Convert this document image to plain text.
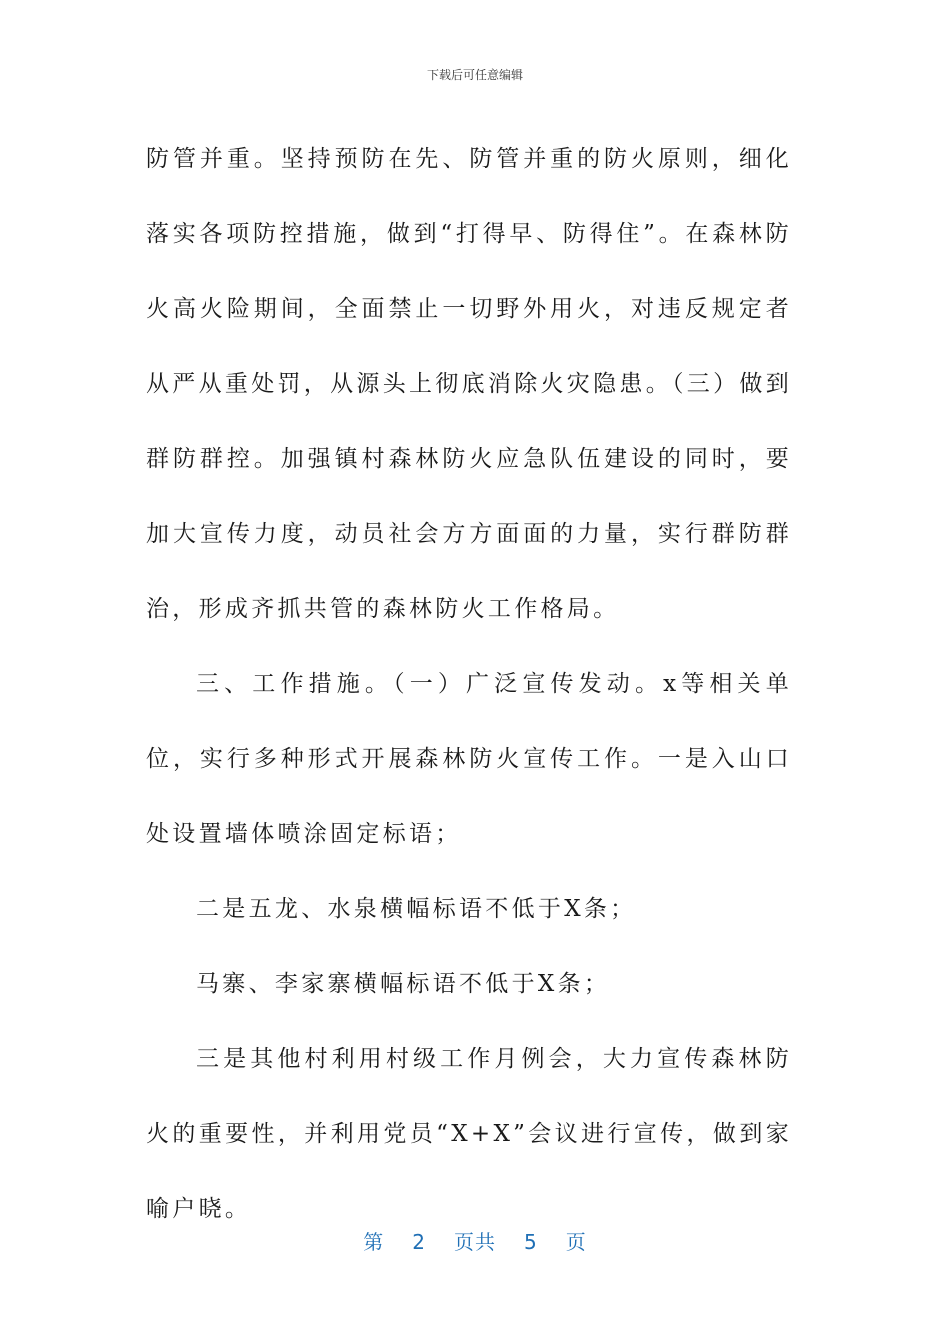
下载后可任意编辑

防管并重。坚持预防在先、防管并重的防火原则，细化落实各项防控措施，做到“打得早、防得住”。在森林防火高火险期间，全面禁止一切野外用火，对违反规定者从严从重处罚，从源头上彻底消除火灾隐患。（三）做到群防群控。加强镇村森林防火应急队伍建设的同时，要加大宣传力度，动员社会方方面面的力量，实行群防群治，形成齐抓共管的森林防火工作格局。

三、工作措施。（一）广泛宣传发动。x等相关单位，实行多种形式开展森林防火宣传工作。一是入山口处设置墙体喷涂固定标语；

二是五龙、水泉横幅标语不低于X条；

马寨、李家寨横幅标语不低于X条；

三是其他村利用村级工作月例会，大力宣传森林防火的重要性，并利用党员“X+X”会议进行宣传，做到家喻户晓。

第 2 页共 5 页
